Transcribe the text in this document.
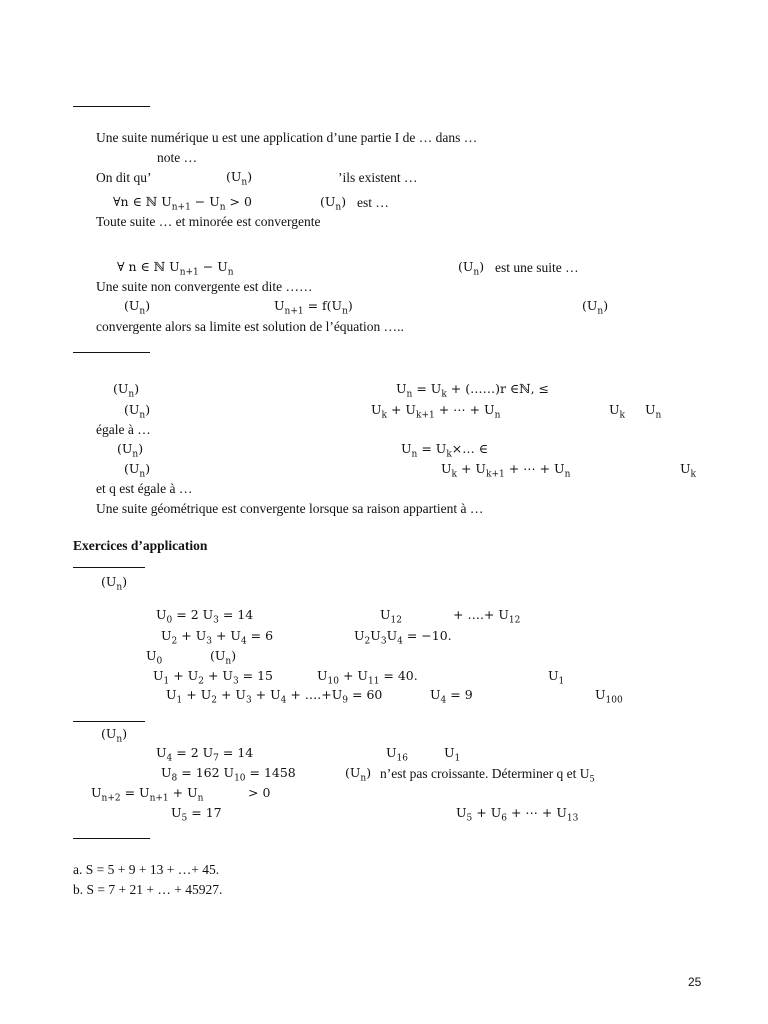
Une suite numérique u est une application d’une partie I de … dans …
note …
On dit qu’	$(U_n)$	’ils existent …
∀n ∈ ℕ $U_{n+1} - U_n > 0$	$(U_n)$ est …
Toute suite … et minorée est convergente
∀ n ∈ ℕ $U_{n+1} - U_n$	$(U_n)$ est une suite …
Une suite non convergente est dite ……
$(U_n)$	$U_{n+1} = f(U_n)$	$(U_n)$
convergente alors sa limite est solution de l’équation …..
$(U_n)$	$U_n = U_k$ + (……)r ∈ℕ, ≤
$(U_n)$	$U_k + U_{k+1}$ + ⋯ + $U_n$	$U_k$ $U_n$
égale à …
$(U_n)$	$U_n$ = $U_k\times\dots$ ∈
$(U_n)$	$U_k + U_{k+1}$ + ⋯ + $U_n$	$U_k$
et q est égale à …
Une suite géométrique est convergente lorsque sa raison appartient à …
Exercices d’application
$(U_n)$
$U_0 = 2$ $U_3 = 14$	$U_{12}$	+ ….+ $U_{12}$
$U_2 + U_3 + U_4 = 6$	$U_2U_3U_4 = -10$.
$U_0$	$(U_n)$
$U_1 + U_2 + U_3 = 15$	$U_{10} + U_{11} = 40$.	$U_1$
$U_1 + U_2 + U_3 + U_4$ + $\dots.+U_9 = 60$	$U_4 = 9$	$U_{100}$
$(U_n)$
$U_4 = 2$ $U_7 = 14$	$U_{16}$	$U_1$
$U_8 = 162$ $U_{10} = 1458$	$(U_n)$ n’est pas croissante. Déterminer q et $U_5$
$U_{n+2} = U_{n+1} + U_n$	> 0
$U_5 = 17$	$U_5 + U_6$ + ⋯ + $U_{13}$
a. S = 5 + 9 + 13 + …+ 45.
b. S = 7 + 21 + … + 45927.
25
